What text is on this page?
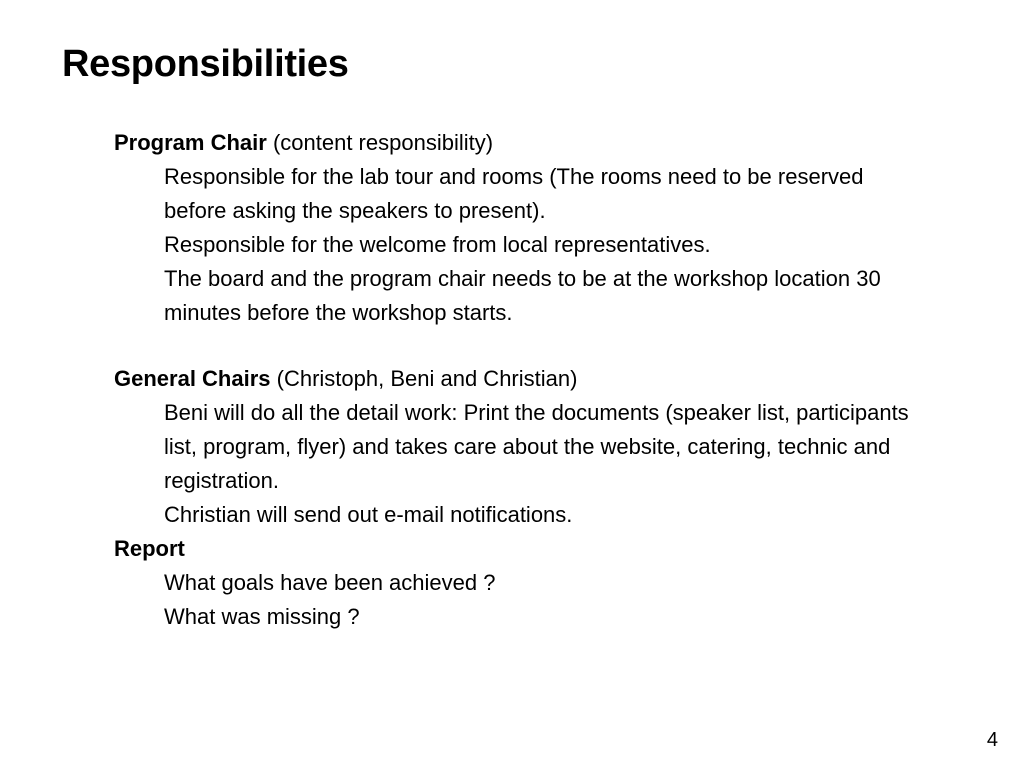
Responsibilities

Program Chair (content responsibility)

Responsible for the lab tour and rooms (The rooms need to be reserved before asking the speakers to present).

Responsible for the welcome from local representatives.

The board and the program chair needs to be at the workshop location 30 minutes before the workshop starts.

General Chairs (Christoph, Beni and Christian)

Beni will do all the detail work: Print the documents (speaker list, participants list, program, flyer) and takes care about the website, catering, technic and registration.

Christian will send out e-mail notifications.

Report

What goals have been achieved ?

What was missing ?

4
